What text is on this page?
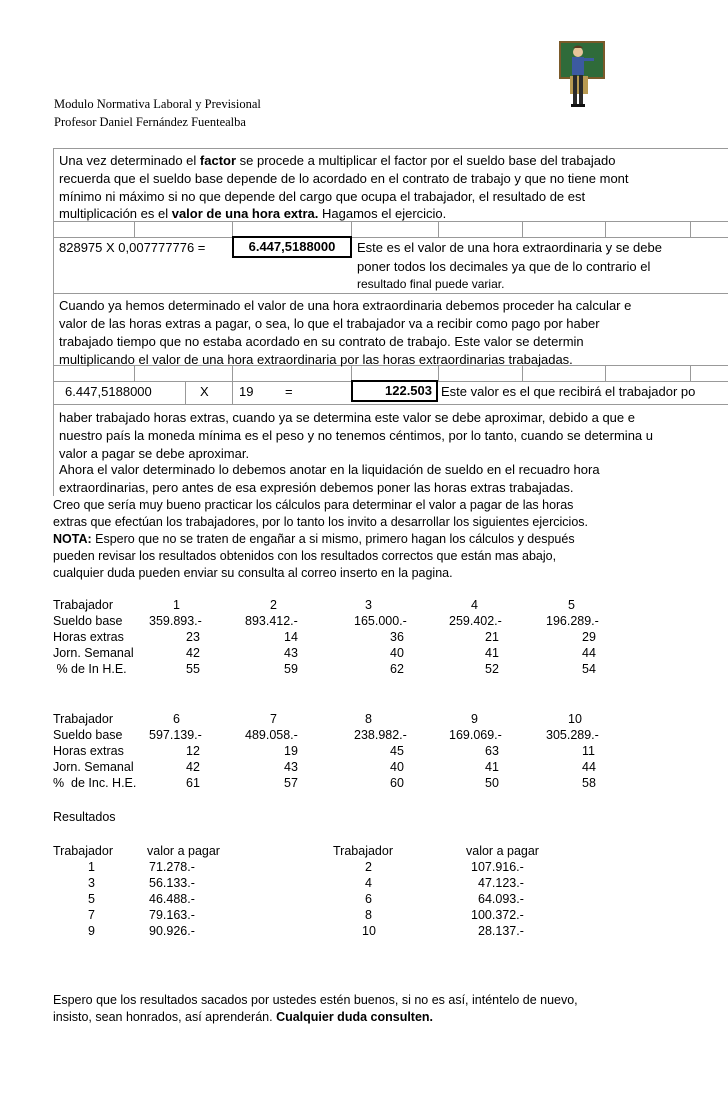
Modulo Normativa Laboral y Previsional
Profesor Daniel Fernández Fuentealba
Una vez determinado el factor se procede a multiplicar el factor por el sueldo base del trabajado
recuerda que el sueldo base depende de lo acordado en el contrato de trabajo y que no tiene mont
mínimo ni máximo si no que depende del cargo que ocupa el trabajador, el resultado de est
multiplicación es el valor de una hora extra. Hagamos el ejercicio.
828975 X 0,007777776 =	6.447,5188000	Este es el valor de una hora extraordinaria y se debe
poner todos los decimales ya que de lo contrario el
resultado final puede variar.
Cuando ya hemos determinado el valor de una hora extraordinaria debemos proceder ha calcular e
valor de las horas extras a pagar, o sea, lo que el trabajador va a recibir como pago por haber
trabajado tiempo que no estaba acordado en su contrato de trabajo. Este valor se determin
multiplicando el valor de una hora extraordinaria por las horas extraordinarias trabajadas.
6.447,5188000	X 19 =	122.503 Este valor es el que recibirá el trabajador po
haber trabajado horas extras, cuando ya se determina este valor se debe aproximar, debido a que e
nuestro país la moneda mínima es el peso y no tenemos céntimos, por lo tanto, cuando se determina u
valor a pagar se debe aproximar.
Ahora el valor determinado lo debemos anotar en la liquidación de sueldo en el recuadro hora
extraordinarias, pero antes de esa expresión debemos poner las horas extras trabajadas.
Creo que sería muy bueno practicar los cálculos para determinar el valor a pagar de las horas
extras que efectúan los trabajadores, por lo tanto los invito a desarrollar los siguientes ejercicios.
NOTA: Espero que no se traten de engañar a si mismo, primero hagan los cálculos y después
pueden revisar los resultados obtenidos con los resultados correctos que están mas abajo,
cualquier duda pueden enviar su consulta al correo inserto en la pagina.
Trabajador	1	2	3	4	5
Sueldo base 359.893.-	893.412.-	165.000.-	259.402.-	196.289.-
Horas extras	23	14	36	21	29
Jorn. Semanal	42	43	40	41	44
% de In H.E.	55	59	62	52	54
Trabajador	6	7	8	9	10
Sueldo base 597.139.-	489.058.-	238.982.-	169.069.-	305.289.-
Horas extras	12	19	45	63	11
Jorn. Semanal	42	43	40	41	44
%  de Inc. H.E.	61	57	60	50	58
Resultados
Trabajador	valor a pagar	Trabajador	valor a pagar
1	71.278.-	2	107.916.-
3	56.133.-	4	47.123.-
5	46.488.-	6	64.093.-
7	79.163.-	8	100.372.-
9	90.926.-	10	28.137.-
Espero que los resultados sacados por ustedes estén buenos, si no es así, inténtelo de nuevo,
insisto, sean honrados, así aprenderán. Cualquier duda consulten.
